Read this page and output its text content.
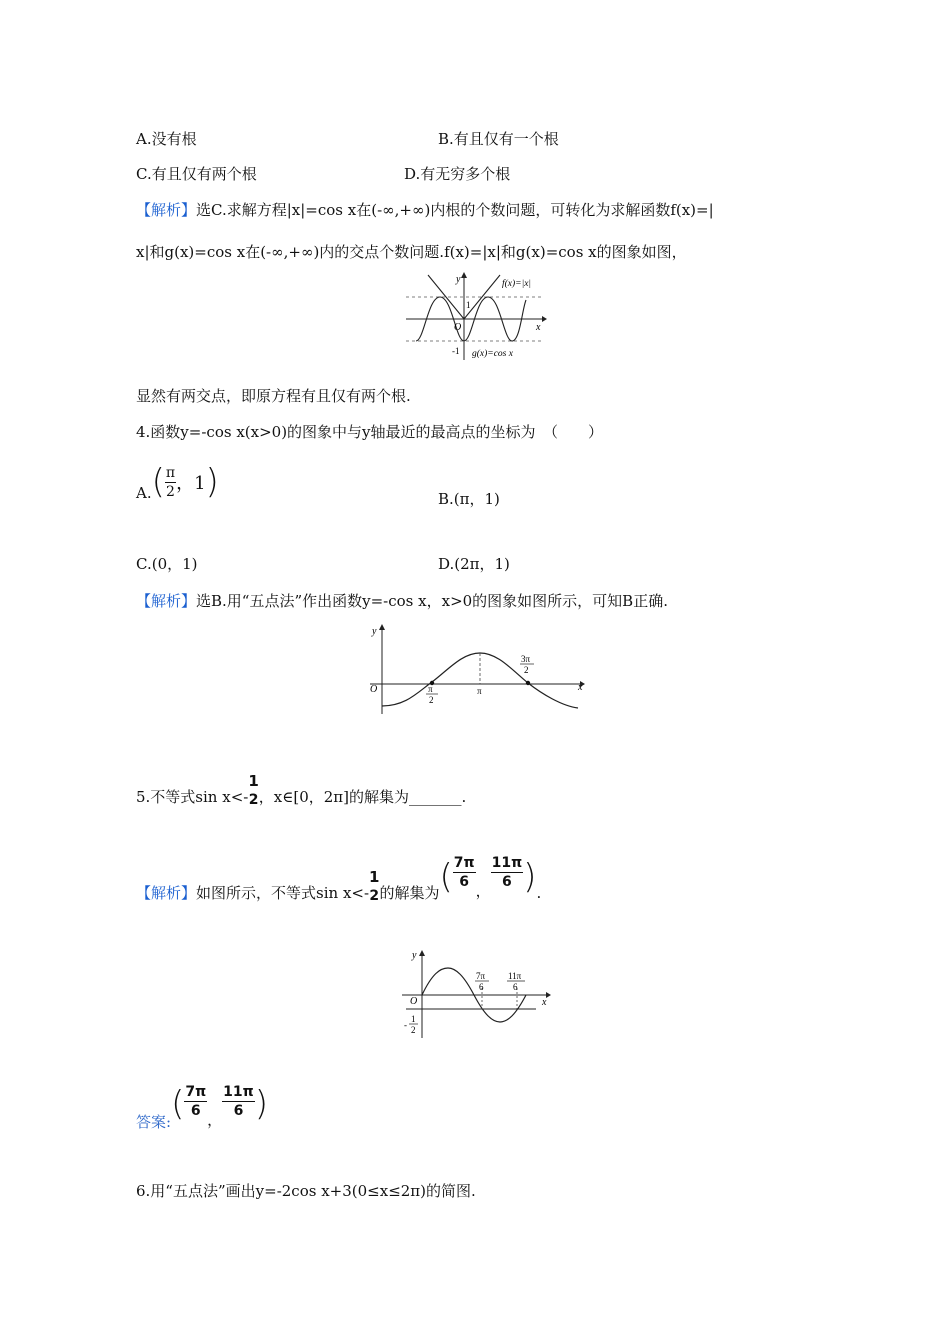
A.没有根	B.有且仅有一个根
C.有且仅有两个根	D.有无穷多个根
【解析】选C.求解方程|x|=cos x在(-∞,+∞)内根的个数问题，可转化为求解函数f(x)=|
x|和g(x)=cos x在(-∞,+∞)内的交点个数问题.f(x)=|x|和g(x)=cos x的图象如图，
f(x)=|x|
g(x)=cos x
y
x
1
-1
O
显然有两交点，即原方程有且仅有两个根.
4.函数y=-cos x(x>0)的图象中与y轴最近的最高点的坐标为　（　　）
$A.( \frac{\pi}{2}$ ，1)	B.(π，1)
C.(0，1)	D.(2π，1)
【解析】选B.用“五点法”作出函数y=-cos x，x>0的图象如图所示，可知B正确.
y
x
O	π
2
π
3π
2
5.不等式sin x<-
1
2 ，x∈[0，2π]的解集为_______.
【解析】如图所示，不等式sin x<-
1
2 的解集为( $\frac{7\pi}{6}$
，
$\frac{11\pi}{6}$ ).
y
x
O
7π
6
11π
6
-
1
2
答案:( $\frac{7\pi}{6}$
，
$\frac{11\pi}{6}$ )
6.用“五点法”画出y=-2cos x+3(0≤x≤2π)的简图.
